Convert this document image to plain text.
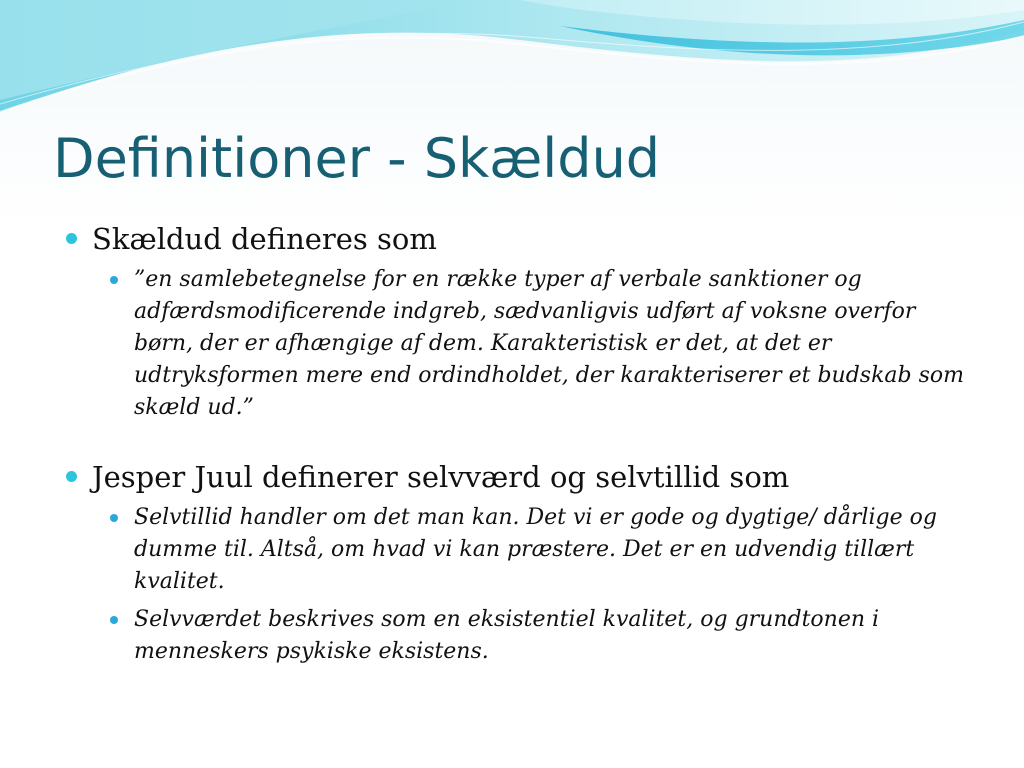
Definitioner - Skældud

Skældud defineres som

”en samlebetegnelse for en række typer af verbale sanktioner og adfærdsmodificerende indgreb, sædvanligvis udført af voksne overfor børn, der er afhængige af dem. Karakteristisk er det, at det er udtryksformen mere end ordindholdet, der karakteriserer et budskab som skæld ud.”

Jesper Juul definerer selvværd og selvtillid som

Selvtillid handler om det man kan. Det vi er gode og dygtige/ dårlige og dumme til. Altså, om hvad vi kan præstere. Det er en udvendig tillært kvalitet.

Selvværdet beskrives som en eksistentiel kvalitet, og grundtonen i menneskers psykiske eksistens.
